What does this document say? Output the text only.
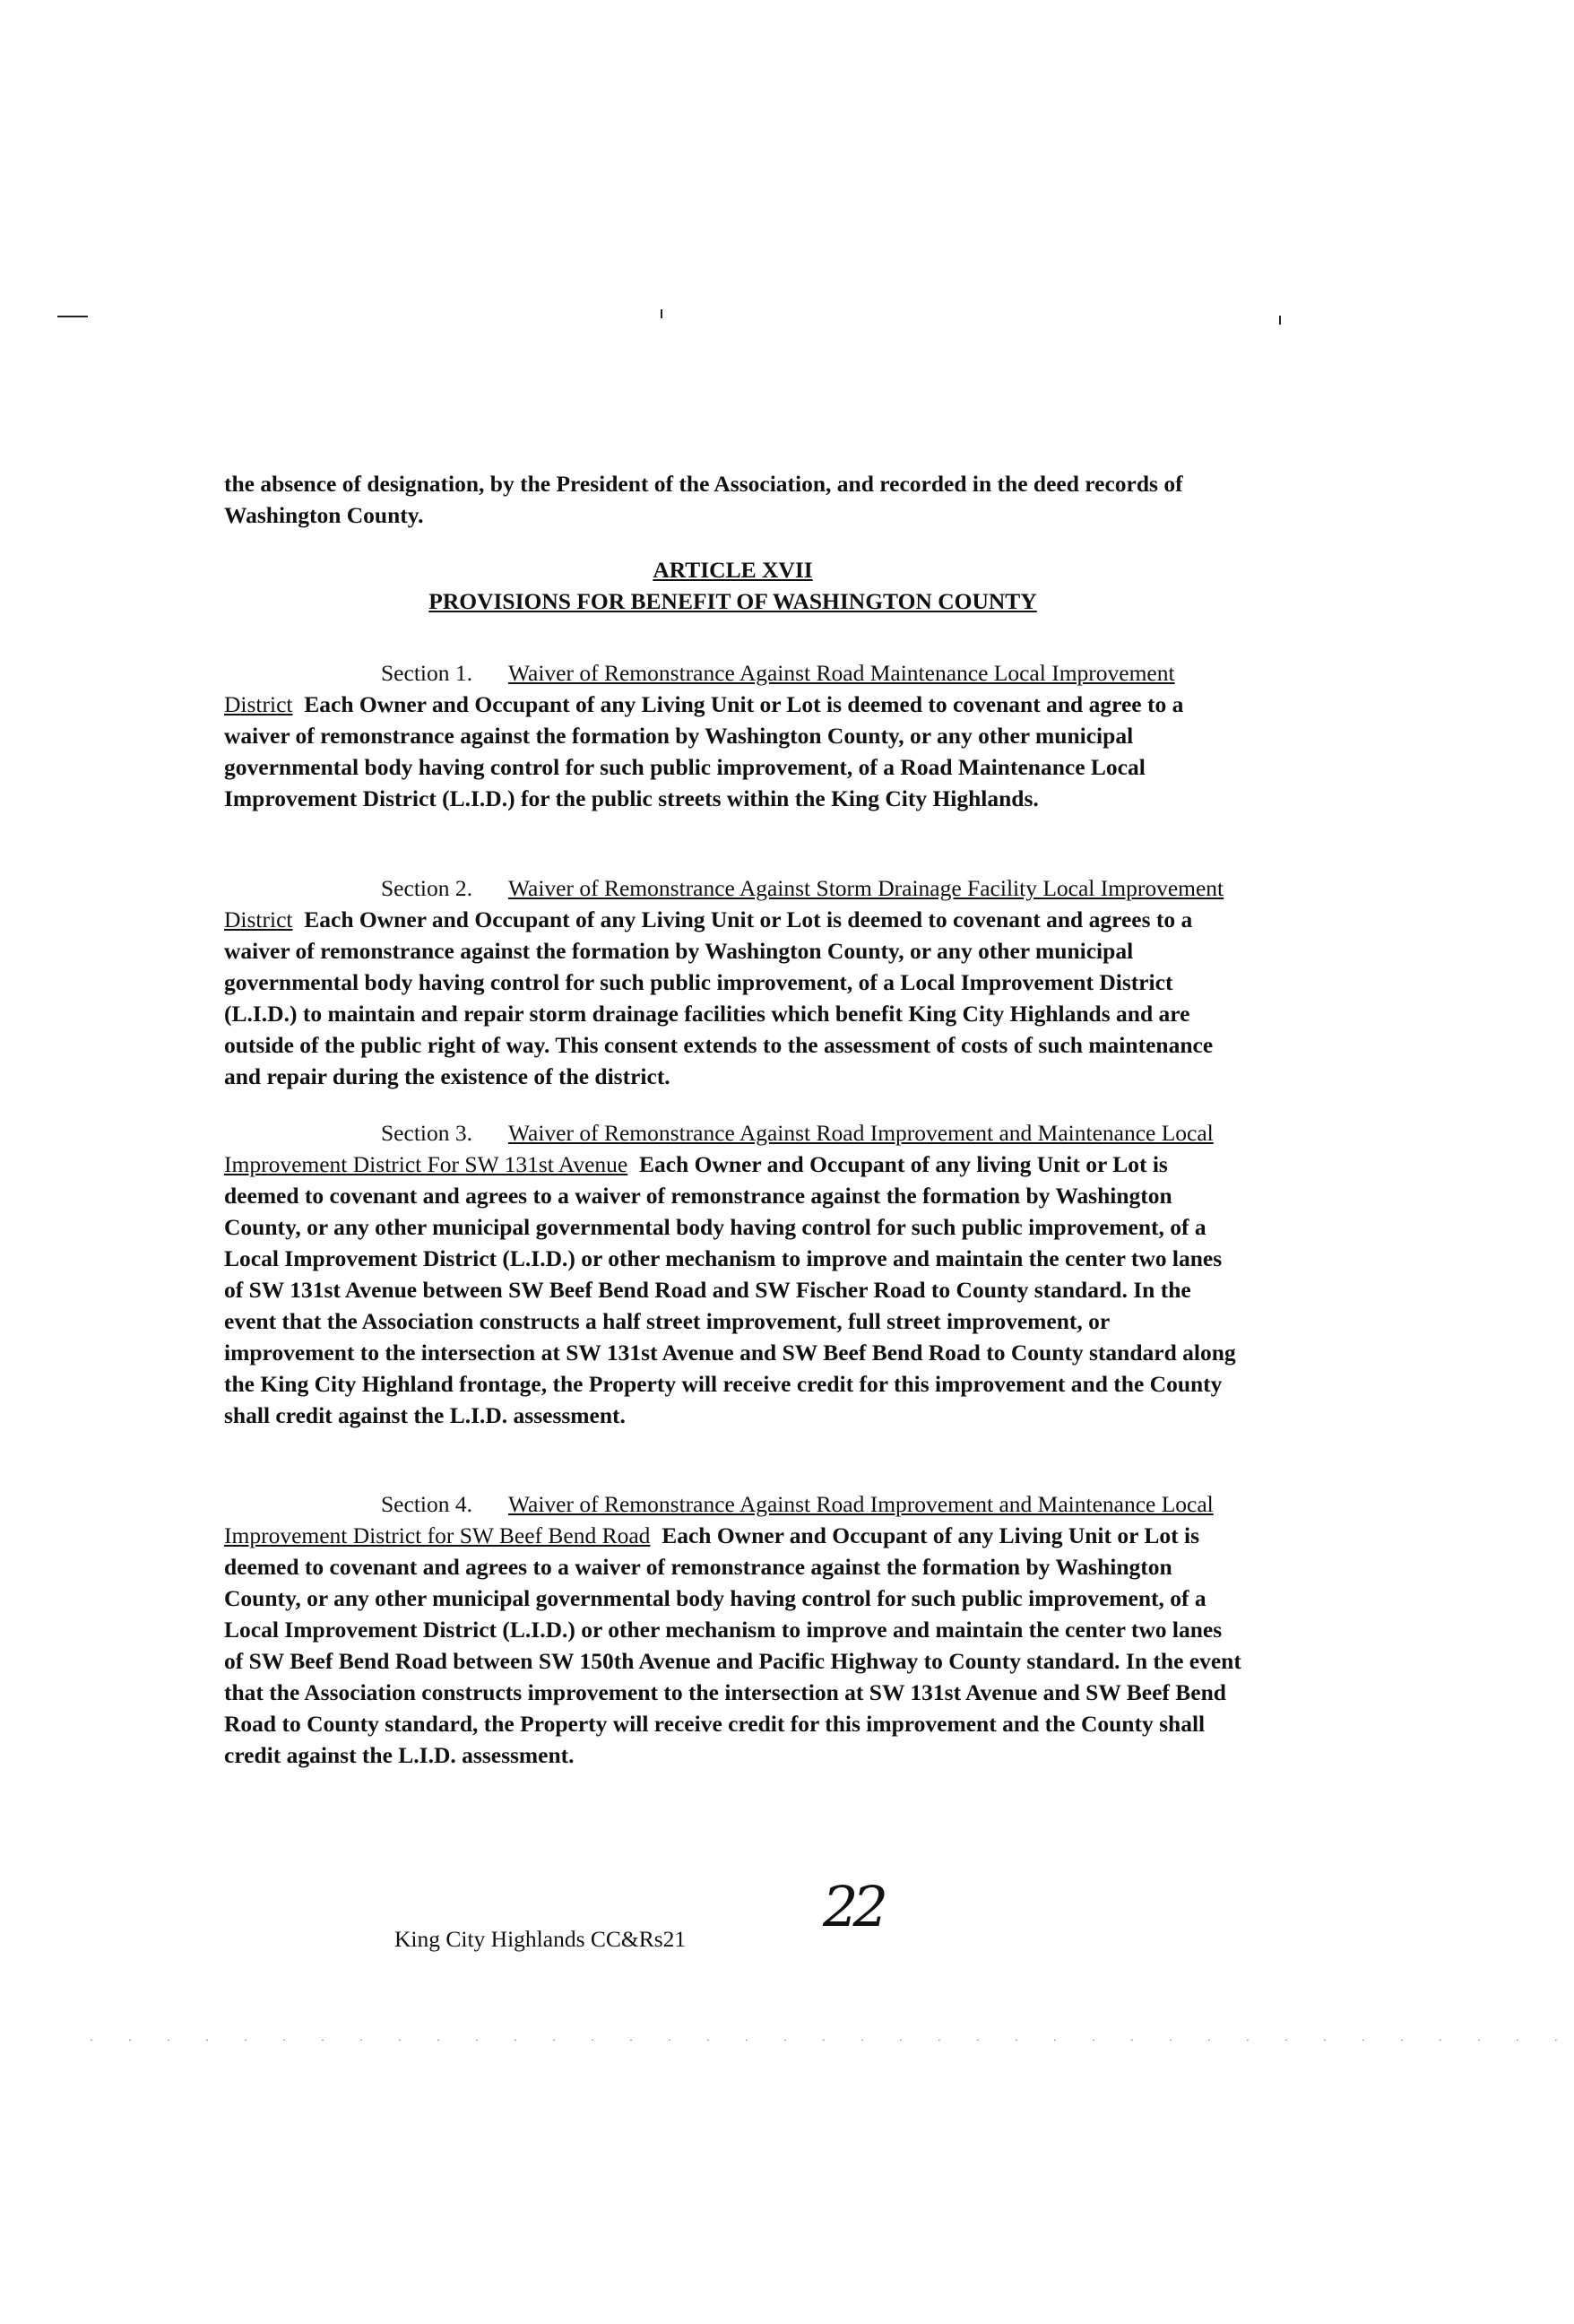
the absence of designation, by the President of the Association, and recorded in the deed records of Washington County.
ARTICLE XVII
PROVISIONS FOR BENEFIT OF WASHINGTON COUNTY
Section 1. Waiver of Remonstrance Against Road Maintenance Local Improvement District Each Owner and Occupant of any Living Unit or Lot is deemed to covenant and agree to a waiver of remonstrance against the formation by Washington County, or any other municipal governmental body having control for such public improvement, of a Road Maintenance Local Improvement District (L.I.D.) for the public streets within the King City Highlands.
Section 2. Waiver of Remonstrance Against Storm Drainage Facility Local Improvement District Each Owner and Occupant of any Living Unit or Lot is deemed to covenant and agrees to a waiver of remonstrance against the formation by Washington County, or any other municipal governmental body having control for such public improvement, of a Local Improvement District (L.I.D.) to maintain and repair storm drainage facilities which benefit King City Highlands and are outside of the public right of way. This consent extends to the assessment of costs of such maintenance and repair during the existence of the district.
Section 3. Waiver of Remonstrance Against Road Improvement and Maintenance Local Improvement District For SW 131st Avenue Each Owner and Occupant of any living Unit or Lot is deemed to covenant and agrees to a waiver of remonstrance against the formation by Washington County, or any other municipal governmental body having control for such public improvement, of a Local Improvement District (L.I.D.) or other mechanism to improve and maintain the center two lanes of SW 131st Avenue between SW Beef Bend Road and SW Fischer Road to County standard. In the event that the Association constructs a half street improvement, full street improvement, or improvement to the intersection at SW 131st Avenue and SW Beef Bend Road to County standard along the King City Highland frontage, the Property will receive credit for this improvement and the County shall credit against the L.I.D. assessment.
Section 4. Waiver of Remonstrance Against Road Improvement and Maintenance Local Improvement District for SW Beef Bend Road Each Owner and Occupant of any Living Unit or Lot is deemed to covenant and agrees to a waiver of remonstrance against the formation by Washington County, or any other municipal governmental body having control for such public improvement, of a Local Improvement District (L.I.D.) or other mechanism to improve and maintain the center two lanes of SW Beef Bend Road between SW 150th Avenue and Pacific Highway to County standard. In the event that the Association constructs improvement to the intersection at SW 131st Avenue and SW Beef Bend Road to County standard, the Property will receive credit for this improvement and the County shall credit against the L.I.D. assessment.
22
King City Highlands CC&Rs21
· · · · · · · · · · · · · · · · · · · · · · · · · · · · · · · · · · · · · · ·
